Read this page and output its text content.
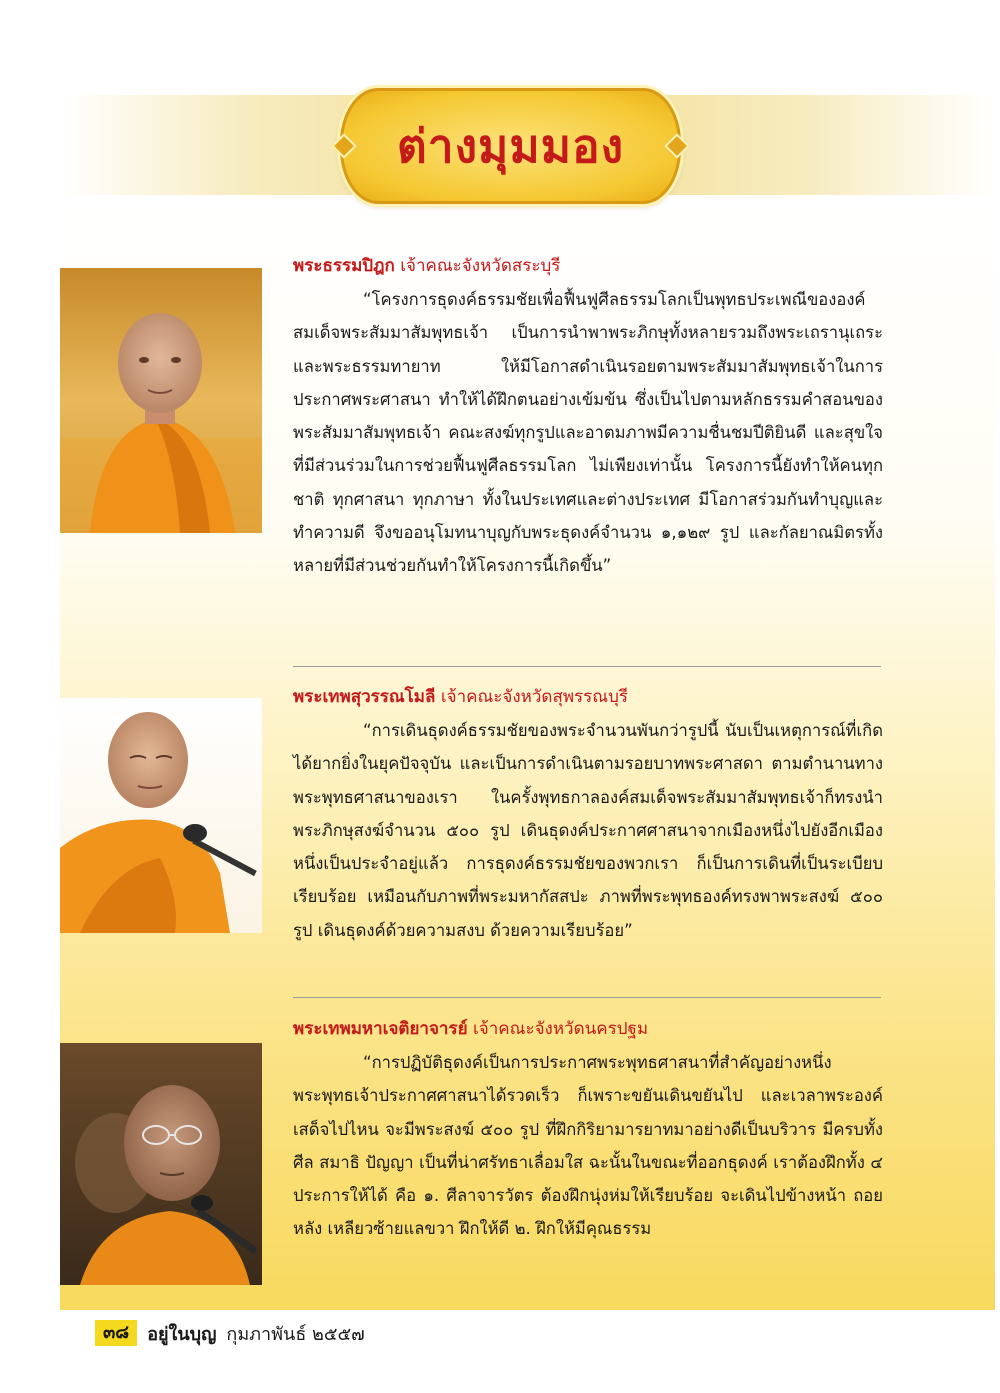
ต่างมุมมอง

พระธรรมปิฎก เจ้าคณะจังหวัดสระบุรี

“โครงการธุดงค์ธรรมชัยเพื่อฟื้นฟูศีลธรรมโลกเป็นพุทธประเพณีขององค์สมเด็จพระสัมมาสัมพุทธเจ้า เป็นการนำพาพระภิกษุทั้งหลายรวมถึงพระเถรานุเถระและพระธรรมทายาท ให้มีโอกาสดำเนินรอยตามพระสัมมาสัมพุทธเจ้าในการประกาศพระศาสนา ทำให้ได้ฝึกตนอย่างเข้มข้น ซึ่งเป็นไปตามหลักธรรมคำสอนของพระสัมมาสัมพุทธเจ้า คณะสงฆ์ทุกรูปและอาตมภาพมีความชื่นชมปีติยินดี และสุขใจ ที่มีส่วนร่วมในการช่วยฟื้นฟูศีลธรรมโลก ไม่เพียงเท่านั้น โครงการนี้ยังทำให้คนทุกชาติ ทุกศาสนา ทุกภาษา ทั้งในประเทศและต่างประเทศ มีโอกาสร่วมกันทำบุญและทำความดี จึงขออนุโมทนาบุญกับพระธุดงค์จำนวน ๑,๑๒๙ รูป และกัลยาณมิตรทั้งหลายที่มีส่วนช่วยกันทำให้โครงการนี้เกิดขึ้น”

พระเทพสุวรรณโมลี เจ้าคณะจังหวัดสุพรรณบุรี

“การเดินธุดงค์ธรรมชัยของพระจำนวนพันกว่ารูปนี้ นับเป็นเหตุการณ์ที่เกิดได้ยากยิ่งในยุคปัจจุบัน และเป็นการดำเนินตามรอยบาทพระศาสดา ตามตำนานทางพระพุทธศาสนาของเรา ในครั้งพุทธกาลองค์สมเด็จพระสัมมาสัมพุทธเจ้าก็ทรงนำพระภิกษุสงฆ์จำนวน ๕๐๐ รูป เดินธุดงค์ประกาศศาสนาจากเมืองหนึ่งไปยังอีกเมืองหนึ่งเป็นประจำอยู่แล้ว การธุดงค์ธรรมชัยของพวกเรา ก็เป็นการเดินที่เป็นระเบียบเรียบร้อย เหมือนกับภาพที่พระมหากัสสปะ ภาพที่พระพุทธองค์ทรงพาพระสงฆ์ ๕๐๐ รูป เดินธุดงค์ด้วยความสงบ ด้วยความเรียบร้อย”

พระเทพมหาเจติยาจารย์ เจ้าคณะจังหวัดนครปฐม

“การปฏิบัติธุดงค์เป็นการประกาศพระพุทธศาสนาที่สำคัญอย่างหนึ่ง พระพุทธเจ้าประกาศศาสนาได้รวดเร็ว ก็เพราะขยันเดินขยันไป และเวลาพระองค์เสด็จไปไหน จะมีพระสงฆ์ ๕๐๐ รูป ที่ฝึกกิริยามารยาทมาอย่างดีเป็นบริวาร มีครบทั้งศีล สมาธิ ปัญญา เป็นที่น่าศรัทธาเลื่อมใส ฉะนั้นในขณะที่ออกธุดงค์ เราต้องฝึกทั้ง ๔ ประการให้ได้ คือ ๑. ศีลาจารวัตร ต้องฝึกนุ่งห่มให้เรียบร้อย จะเดินไปข้างหน้า ถอยหลัง เหลียวซ้ายแลขวา ฝึกให้ดี ๒. ฝึกให้มีคุณธรรม

๓๘	อยู่ในบุญ กุมภาพันธ์ ๒๕๕๗
